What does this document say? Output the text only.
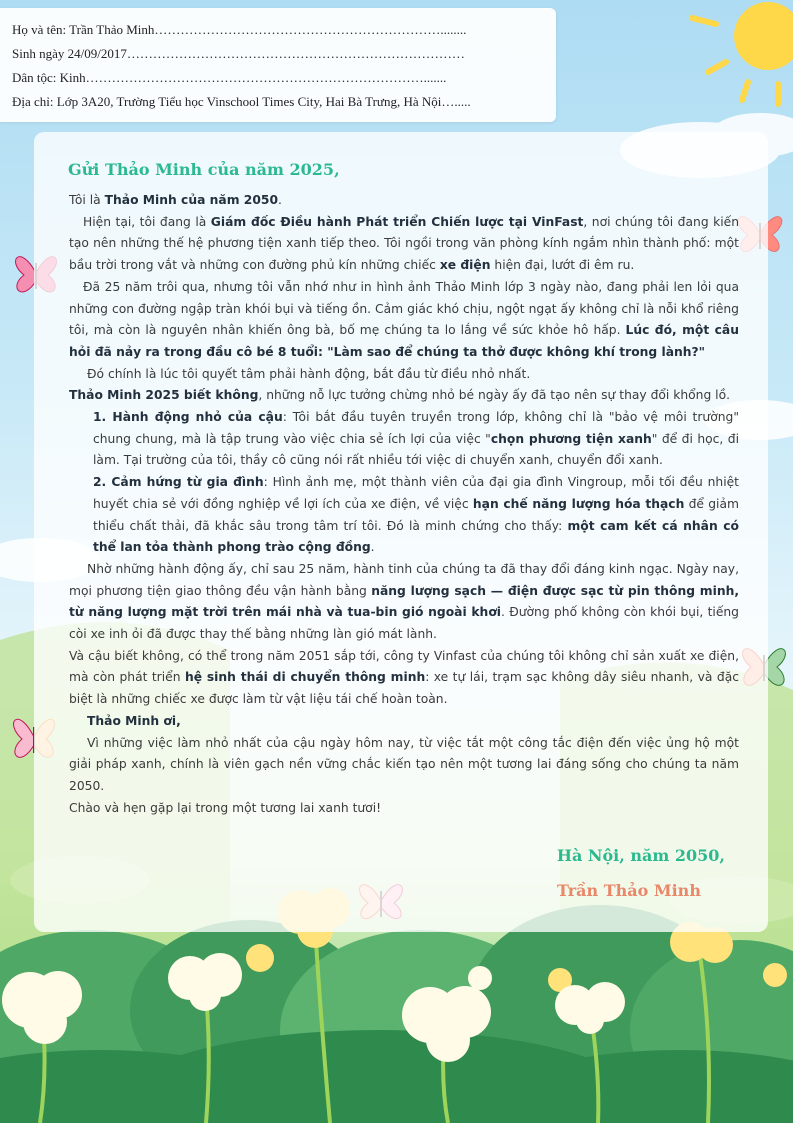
Họ và tên: Trần Thảo Minh…………………………………………………………........
Sinh ngày 24/09/2017……………………………………………………………………
Dân tộc: Kinh…………………………………………………………………….......
Địa chỉ: Lớp 3A20, Trường Tiểu học Vinschool Times City, Hai Bà Trưng, Hà Nội….....
Gửi Thảo Minh của năm 2025,

Tôi là Thảo Minh của năm 2050.

Hiện tại, tôi đang là Giám đốc Điều hành Phát triển Chiến lược tại VinFast, nơi chúng tôi đang kiến tạo nên những thế hệ phương tiện xanh tiếp theo. Tôi ngồi trong văn phòng kính ngắm nhìn thành phố: một bầu trời trong vắt và những con đường phủ kín những chiếc xe điện hiện đại, lướt đi êm ru.

Đã 25 năm trôi qua, nhưng tôi vẫn nhớ như in hình ảnh Thảo Minh lớp 3 ngày nào, đang phải len lỏi qua những con đường ngập tràn khói bụi và tiếng ồn. Cảm giác khó chịu, ngột ngạt ấy không chỉ là nỗi khổ riêng tôi, mà còn là nguyên nhân khiến ông bà, bố mẹ chúng ta lo lắng về sức khỏe hô hấp. Lúc đó, một câu hỏi đã nảy ra trong đầu cô bé 8 tuổi: "Làm sao để chúng ta thở được không khí trong lành?"

Đó chính là lúc tôi quyết tâm phải hành động, bắt đầu từ điều nhỏ nhất.

Thảo Minh 2025 biết không, những nỗ lực tưởng chừng nhỏ bé ngày ấy đã tạo nên sự thay đổi khổng lồ.

1. Hành động nhỏ của cậu: Tôi bắt đầu tuyên truyền trong lớp, không chỉ là "bảo vệ môi trường" chung chung, mà là tập trung vào việc chia sẻ ích lợi của việc "chọn phương tiện xanh" để đi học, đi làm. Tại trường của tôi, thầy cô cũng nói rất nhiều tới việc di chuyển xanh, chuyển đổi xanh.

2. Cảm hứng từ gia đình: Hình ảnh mẹ, một thành viên của đại gia đình Vingroup, mỗi tối đều nhiệt huyết chia sẻ với đồng nghiệp về lợi ích của xe điện, về việc hạn chế năng lượng hóa thạch để giảm thiểu chất thải, đã khắc sâu trong tâm trí tôi. Đó là minh chứng cho thấy: một cam kết cá nhân có thể lan tỏa thành phong trào cộng đồng.

Nhờ những hành động ấy, chỉ sau 25 năm, hành tinh của chúng ta đã thay đổi đáng kinh ngạc. Ngày nay, mọi phương tiện giao thông đều vận hành bằng năng lượng sạch — điện được sạc từ pin thông minh, từ năng lượng mặt trời trên mái nhà và tua-bin gió ngoài khơi. Đường phố không còn khói bụi, tiếng còi xe inh ỏi đã được thay thế bằng những làn gió mát lành.

Và cậu biết không, có thể trong năm 2051 sắp tới, công ty Vinfast của chúng tôi không chỉ sản xuất xe điện, mà còn phát triển hệ sinh thái di chuyển thông minh: xe tự lái, trạm sạc không dây siêu nhanh, và đặc biệt là những chiếc xe được làm từ vật liệu tái chế hoàn toàn.

Thảo Minh ơi,

Vì những việc làm nhỏ nhất của cậu ngày hôm nay, từ việc tắt một công tắc điện đến việc ủng hộ một giải pháp xanh, chính là viên gạch nền vững chắc kiến tạo nên một tương lai đáng sống cho chúng ta năm 2050.

Chào và hẹn gặp lại trong một tương lai xanh tươi!

Hà Nội, năm 2050,
Trần Thảo Minh
